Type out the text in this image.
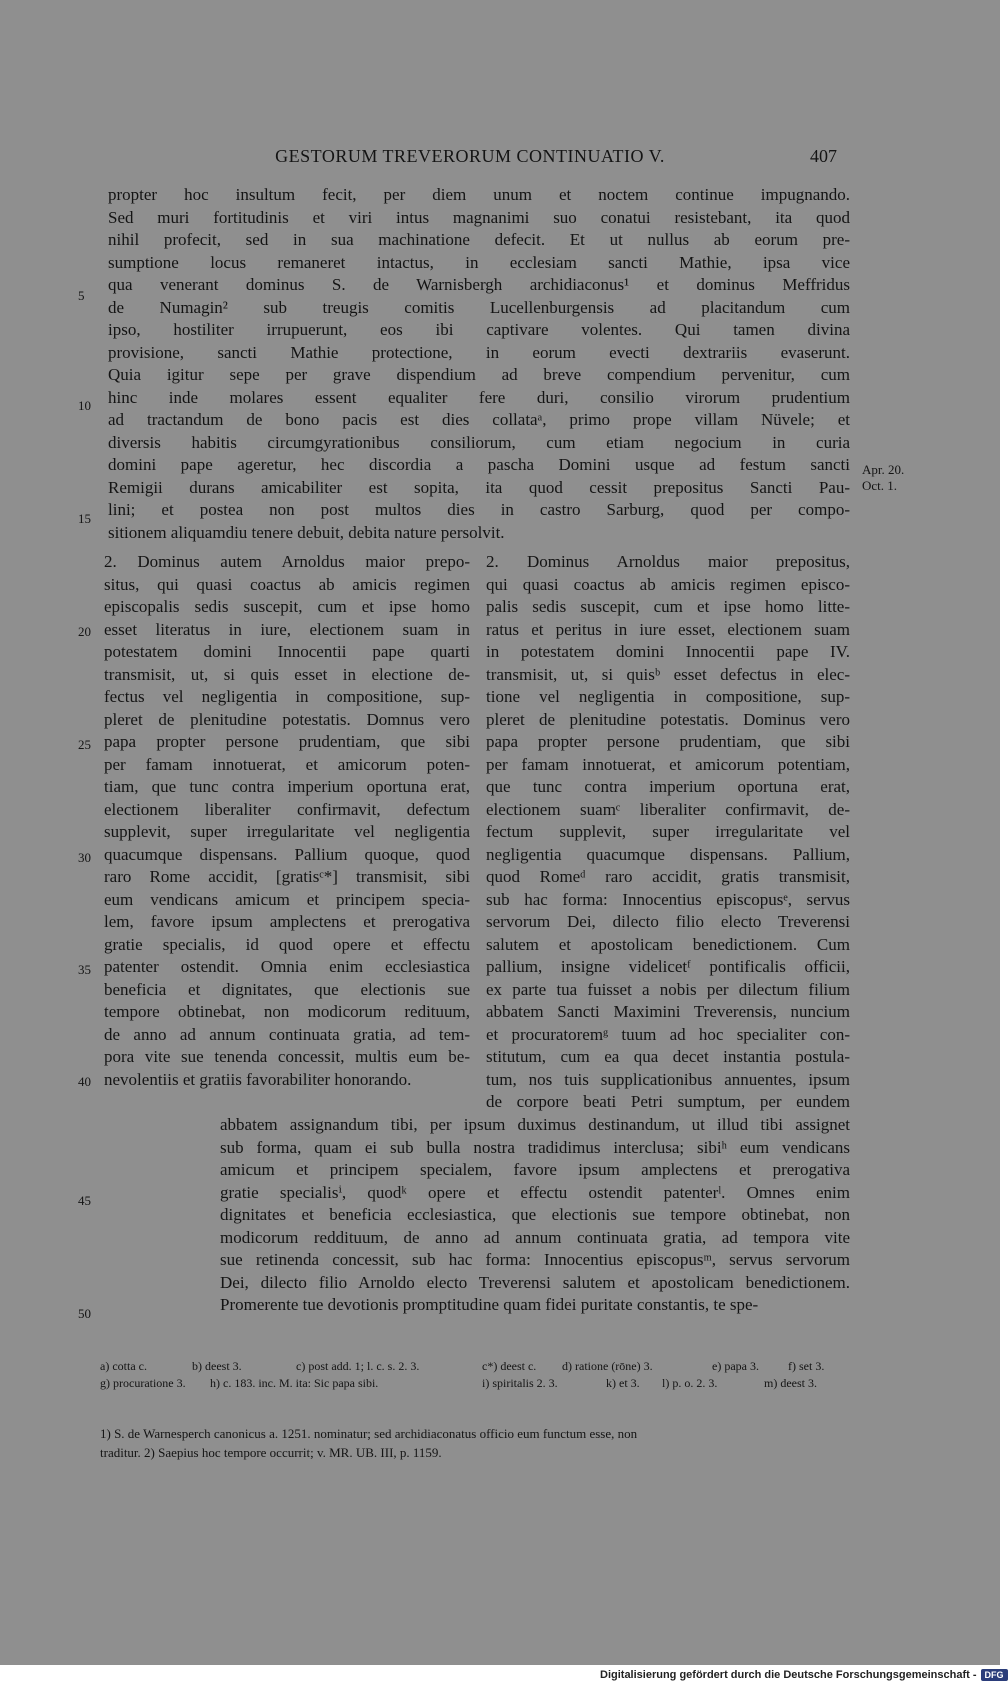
GESTORUM TREVERORUM CONTINUATIO V.	407
propter hoc insultum fecit, per diem unum et noctem continue impugnando.
Sed muri fortitudinis et viri intus magnanimi suo conatui resistebant, ita quod
nihil profecit, sed in sua machinatione defecit. Et ut nullus ab eorum pre-
sumptione locus remaneret intactus, in ecclesiam sancti Mathie, ipsa vice
qua venerant dominus S. de Warnisbergh archidiaconus¹ et dominus Meffridus
de Numagin² sub treugis comitis Lucellenburgensis ad placitandum cum
ipso, hostiliter irrupuerunt, eos ibi captivare volentes. Qui tamen divina
provisione, sancti Mathie protectione, in eorum evecti dextrariis evaserunt.
Quia igitur sepe per grave dispendium ad breve compendium pervenitur, cum
hinc inde molares essent equaliter fere duri, consilio virorum prudentium
ad tractandum de bono pacis est dies collataᵃ, primo prope villam Nüvele; et
diversis habitis circumgyrationibus consiliorum, cum etiam negocium in curia
domini pape ageretur, hec discordia a pascha Domini usque ad festum sancti
Remigii durans amicabiliter est sopita, ita quod cessit prepositus Sancti Pau-
lini; et postea non post multos dies in castro Sarburg, quod per compo-
sitionem aliquamdiu tenere debuit, debita nature persolvit.
2. Dominus autem Arnoldus maior prepo-
situs, qui quasi coactus ab amicis regimen
episcopalis sedis suscepit, cum et ipse homo
esset literatus in iure, electionem suam in
potestatem domini Innocentii pape quarti
transmisit, ut, si quis esset in electione de-
fectus vel negligentia in compositione, sup-
pleret de plenitudine potestatis. Domnus vero
papa propter persone prudentiam, que sibi
per famam innotuerat, et amicorum poten-
tiam, que tunc contra imperium oportuna erat,
electionem liberaliter confirmavit, defectum
supplevit, super irregularitate vel negligentia
quacumque dispensans. Pallium quoque, quod
raro Rome accidit, [gratisᶜ*] transmisit, sibi
eum vendicans amicum et principem specia-
lem, favore ipsum amplectens et prerogativa
gratie specialis, id quod opere et effectu
patenter ostendit. Omnia enim ecclesiastica
beneficia et dignitates, que electionis sue
tempore obtinebat, non modicorum redituum,
de anno ad annum continuata gratia, ad tem-
pora vite sue tenenda concessit, multis eum be-
nevolentiis et gratiis favorabiliter honorando.
2. Dominus Arnoldus maior prepositus,
qui quasi coactus ab amicis regimen episco-
palis sedis suscepit, cum et ipse homo litte-
ratus et peritus in iure esset, electionem suam
in potestatem domini Innocentii pape IV.
transmisit, ut, si quisᵇ esset defectus in elec-
tione vel negligentia in compositione, sup-
pleret de plenitudine potestatis. Dominus vero
papa propter persone prudentiam, que sibi
per famam innotuerat, et amicorum potentiam,
que tunc contra imperium oportuna erat,
electionem suamᶜ liberaliter confirmavit, de-
fectum supplevit, super irregularitate vel
negligentia quacumque dispensans. Pallium,
quod Romeᵈ raro accidit, gratis transmisit,
sub hac forma: Innocentius episcopusᵉ, servus
servorum Dei, dilecto filio electo Treverensi
salutem et apostolicam benedictionem. Cum
pallium, insigne videlicetᶠ pontificalis officii,
ex parte tua fuisset a nobis per dilectum filium
abbatem Sancti Maximini Treverensis, nuncium
et procuratoremᵍ tuum ad hoc specialiter con-
stitutum, cum ea qua decet instantia postula-
tum, nos tuis supplicationibus annuentes, ipsum
de corpore beati Petri sumptum, per eundem
abbatem assignandum tibi, per ipsum duximus destinandum, ut illud tibi assignet
sub forma, quam ei sub bulla nostra tradidimus interclusa; sibiʰ eum vendicans
amicum et principem specialem, favore ipsum amplectens et prerogativa
gratie specialisⁱ, quodᵏ opere et effectu ostendit patenterˡ. Omnes enim
dignitates et beneficia ecclesiastica, que electionis sue tempore obtinebat, non
modicorum reddituum, de anno ad annum continuata gratia, ad tempora vite
sue retinenda concessit, sub hac forma: Innocentius episcopusᵐ, servus servorum
Dei, dilecto filio Arnoldo electo Treverensi salutem et apostolicam benedictionem.
Promerente tue devotionis promptitudine quam fidei puritate constantis, te spe-
5
10
15
20
25
30
35
40
45
50
Apr. 20.
Oct. 1.
a) cotta c.	b) deest 3.	c) post add. 1; l. c. s. 2. 3.	c*) deest c. d) ratione (rōne) 3.	e) papa 3. f) set 3.
g) procuratione 3. h) c. 183. inc. M. ita: Sic papa sibi.	i) spiritalis 2. 3.	k) et 3. l) p. o. 2. 3.	m) deest 3.
1) S. de Warnesperch canonicus a. 1251. nominatur; sed archidiaconatus officio eum functum esse, non
traditur. 2) Saepius hoc tempore occurrit; v. MR. UB. III, p. 1159.
Digitalisierung gefördert durch die Deutsche Forschungsgemeinschaft - DFG
